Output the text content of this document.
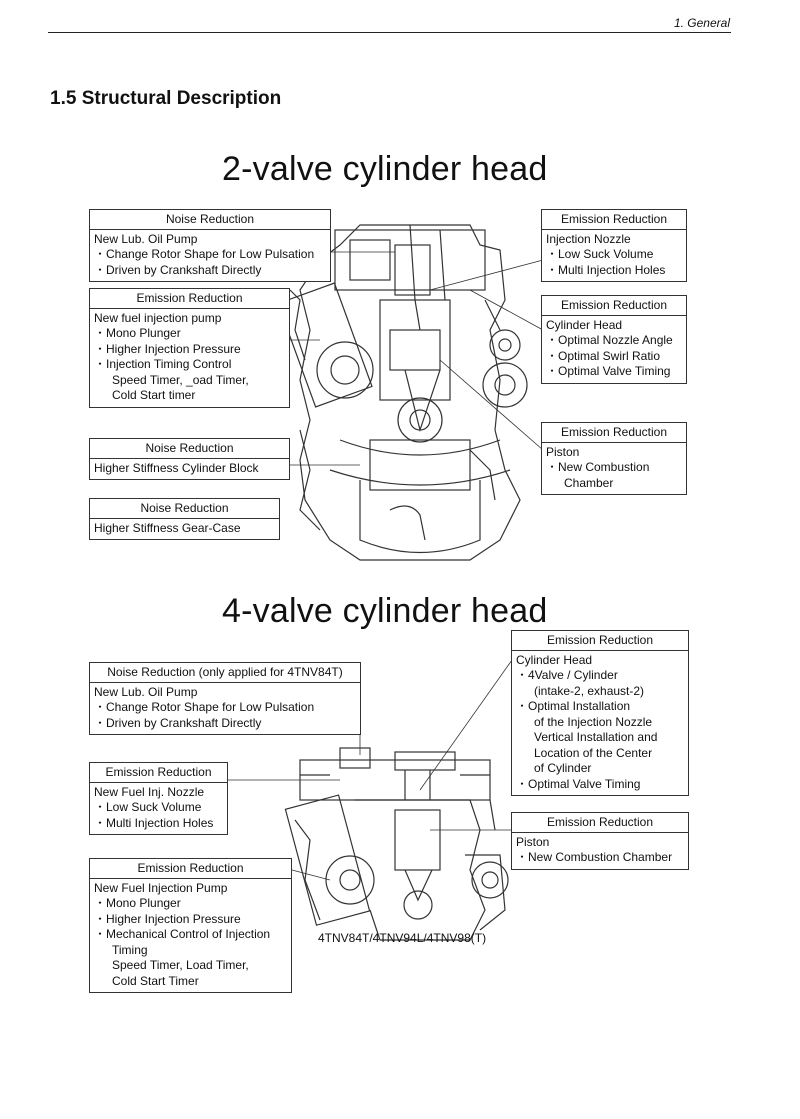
1. General
1.5 Structural Description
2-valve cylinder head
Noise Reduction
New Lub. Oil Pump
・Change Rotor Shape for Low Pulsation
・Driven by Crankshaft Directly
Emission Reduction
New fuel injection pump
・Mono Plunger
・Higher Injection Pressure
・Injection Timing Control
Speed Timer, _oad Timer,
Cold Start timer
Noise Reduction
Higher Stiffness Cylinder Block
Noise Reduction
Higher Stiffness Gear-Case
Emission Reduction
Injection Nozzle
・Low Suck Volume
・Multi Injection Holes
Emission Reduction
Cylinder Head
・Optimal Nozzle Angle
・Optimal Swirl Ratio
・Optimal Valve Timing
Emission Reduction
Piston
・New Combustion
Chamber
4-valve cylinder head
Noise Reduction (only applied for 4TNV84T)
New Lub. Oil Pump
・Change Rotor Shape for Low Pulsation
・Driven by Crankshaft Directly
Emission Reduction
New Fuel Inj. Nozzle
・Low Suck Volume
・Multi Injection Holes
Emission Reduction
New Fuel Injection Pump
・Mono Plunger
・Higher Injection Pressure
・Mechanical Control of Injection
Timing
Speed Timer, Load Timer,
Cold Start Timer
Emission Reduction
Cylinder Head
・4Valve / Cylinder
(intake-2, exhaust-2)
・Optimal Installation
of the Injection Nozzle
Vertical Installation and
Location of the Center
of Cylinder
・Optimal Valve Timing
Emission Reduction
Piston
・New Combustion Chamber
4TNV84T/4TNV94L/4TNV98(T)
